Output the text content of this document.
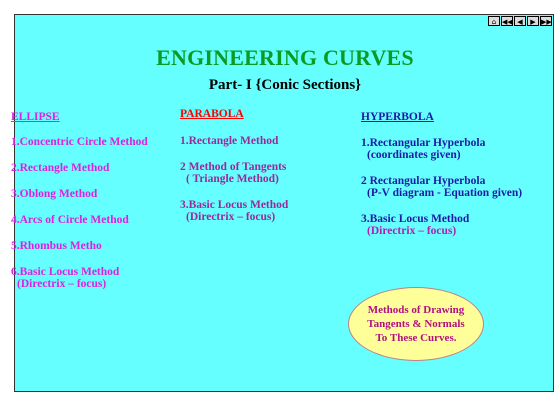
⌂ ◀◀ ◀	▶ ▶▶
ENGINEERING CURVES
Part- I {Conic Sections}
ELLIPSE
1.Concentric Circle Method
2.Rectangle Method
3.Oblong Method
4.Arcs of Circle Method
5.Rhombus Metho
6.Basic Locus Method
(Directrix – focus)
PARABOLA
1.Rectangle Method
2 Method of Tangents
( Triangle Method)
3.Basic Locus Method
(Directrix – focus)
HYPERBOLA
1.Rectangular Hyperbola
(coordinates given)
2 Rectangular Hyperbola
(P-V diagram - Equation given)
3.Basic Locus Method
(Directrix – focus)
Methods of Drawing
Tangents & Normals
To These Curves.
